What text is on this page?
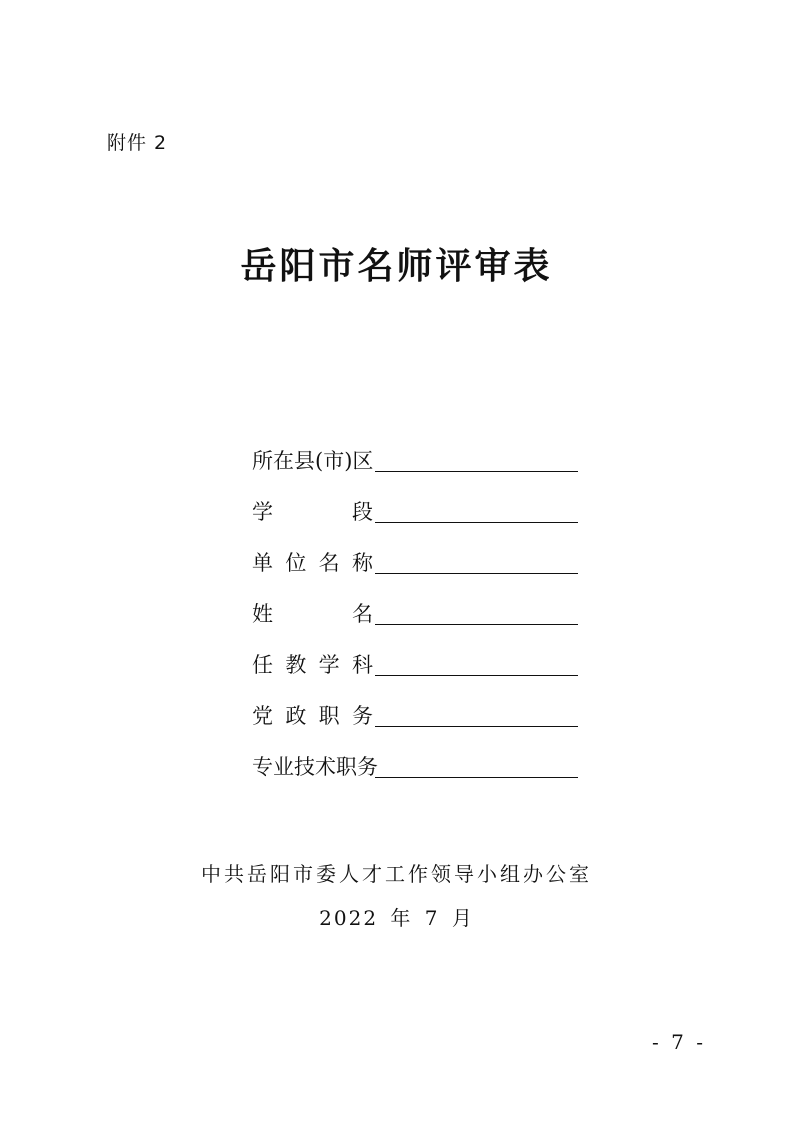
附件 2
岳阳市名师评审表
所 在 县 (市) 区
学	段
单 位 名 称
姓	名
任 教 学 科
党 政 职 务
专 业 技 术 职 务
中共岳阳市委人才工作领导小组办公室
2022 年 7 月
- 7 -
